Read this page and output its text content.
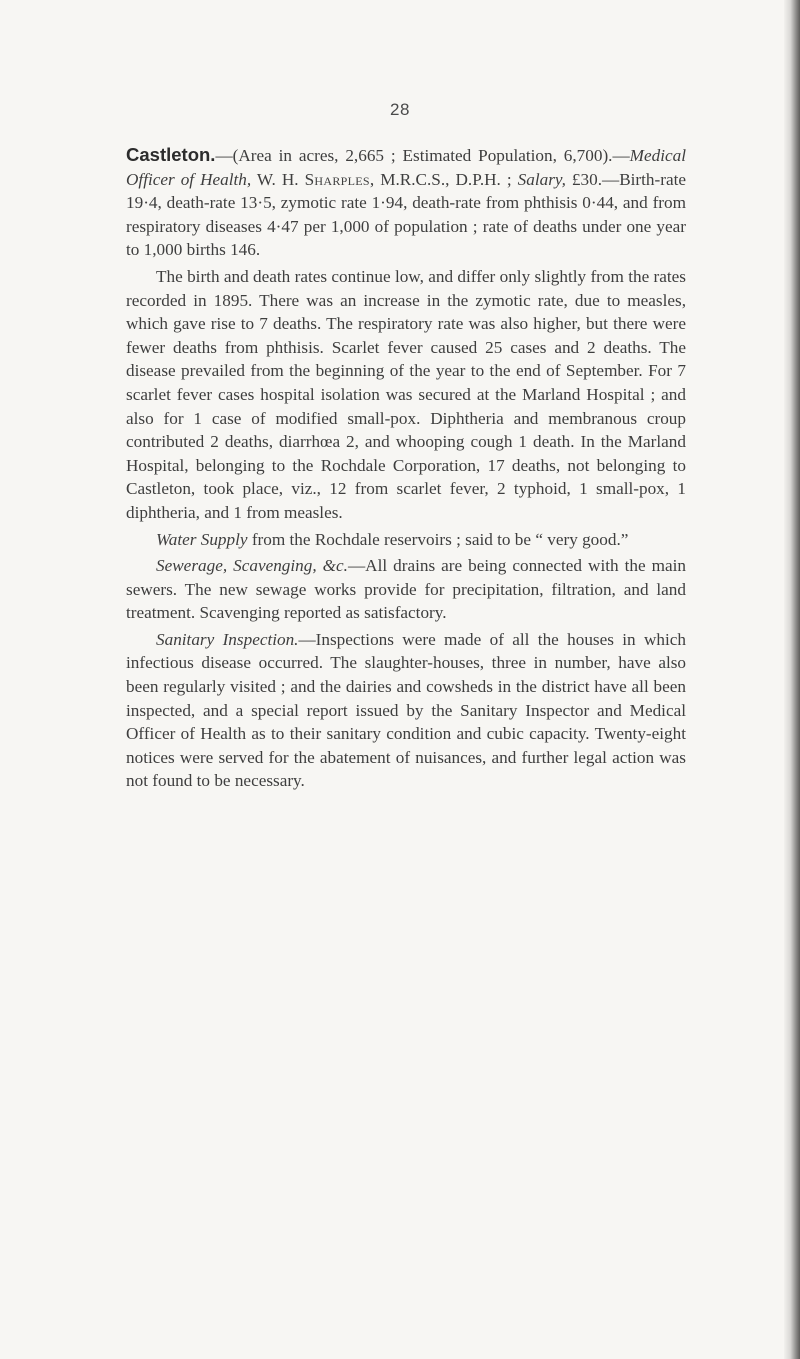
28

Castleton.—(Area in acres, 2,665 ; Estimated Population, 6,700).—Medical Officer of Health, W. H. Sharples, M.R.C.S., D.P.H. ; Salary, £30.—Birth-rate 19·4, death-rate 13·5, zymotic rate 1·94, death-rate from phthisis 0·44, and from respiratory diseases 4·47 per 1,000 of population ; rate of deaths under one year to 1,000 births 146.

The birth and death rates continue low, and differ only slightly from the rates recorded in 1895. There was an increase in the zymotic rate, due to measles, which gave rise to 7 deaths. The respiratory rate was also higher, but there were fewer deaths from phthisis. Scarlet fever caused 25 cases and 2 deaths. The disease prevailed from the beginning of the year to the end of September. For 7 scarlet fever cases hospital isolation was secured at the Marland Hospital ; and also for 1 case of modified small-pox. Diphtheria and membranous croup contributed 2 deaths, diarrhœa 2, and whooping cough 1 death. In the Marland Hospital, belonging to the Rochdale Corporation, 17 deaths, not belonging to Castleton, took place, viz., 12 from scarlet fever, 2 typhoid, 1 small-pox, 1 diphtheria, and 1 from measles.

Water Supply from the Rochdale reservoirs ; said to be “ very good.”

Sewerage, Scavenging, &c.—All drains are being connected with the main sewers. The new sewage works provide for precipitation, filtration, and land treatment. Scavenging reported as satisfactory.

Sanitary Inspection.—Inspections were made of all the houses in which infectious disease occurred. The slaughter-houses, three in number, have also been regularly visited ; and the dairies and cowsheds in the district have all been inspected, and a special report issued by the Sanitary Inspector and Medical Officer of Health as to their sanitary condition and cubic capacity. Twenty-eight notices were served for the abatement of nuisances, and further legal action was not found to be necessary.
